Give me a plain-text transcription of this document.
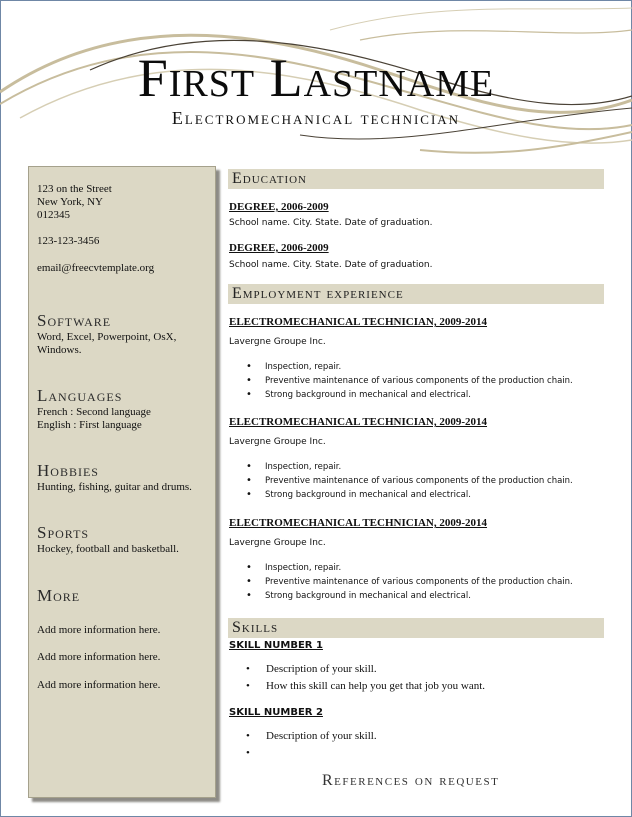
First Lastname
Electromechanical technician
123 on the Street
New York, NY
012345
123-123-3456
email@freecvtemplate.org
Software
Word, Excel, Powerpoint, OsX,
Windows.
Languages
French : Second language
English : First language
Hobbies
Hunting, fishing, guitar and drums.
Sports
Hockey, football and basketball.
More
Add more information here.
Add more information here.
Add more information here.
Education
DEGREE, 2006-2009
School name. City. State. Date of graduation.
DEGREE, 2006-2009
School name. City. State. Date of graduation.
Employment experience
ELECTROMECHANICAL TECHNICIAN, 2009-2014
Lavergne Groupe Inc.
• Inspection, repair.
• Preventive maintenance of various components of the production chain.
• Strong background in mechanical and electrical.
ELECTROMECHANICAL TECHNICIAN, 2009-2014
Lavergne Groupe Inc.
• Inspection, repair.
• Preventive maintenance of various components of the production chain.
• Strong background in mechanical and electrical.
ELECTROMECHANICAL TECHNICIAN, 2009-2014
Lavergne Groupe Inc.
• Inspection, repair.
• Preventive maintenance of various components of the production chain.
• Strong background in mechanical and electrical.
Skills
SKILL NUMBER 1
• Description of your skill.
• How this skill can help you get that job you want.
SKILL NUMBER 2
• Description of your skill.
•
References on request
